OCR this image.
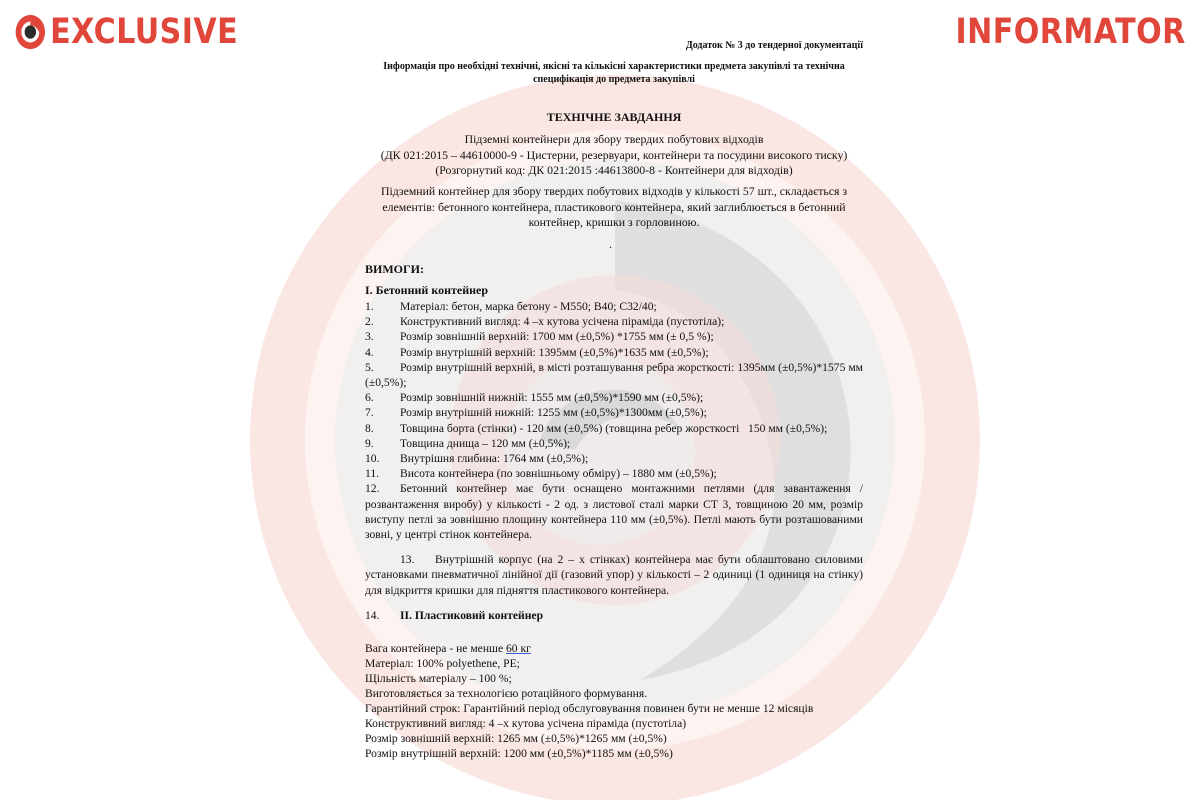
EXCLUSIVE	INFORMATOR
Додаток № 3 до тендерної документації
Інформація про необхідні технічні, якісні та кількісні характеристики предмета закупівлі та технічна
специфікація до предмета закупівлі
ТЕХНІЧНЕ ЗАВДАННЯ
Підземні контейнери для збору твердих побутових відходів
(ДК 021:2015 – 44610000-9 - Цистерни, резервуари, контейнери та посудини високого тиску)
(Розгорнутий код: ДК 021:2015 :44613800-8 - Контейнери для відходів)
Підземний контейнер для збору твердих побутових відходів у кількості 57 шт., складається з
елементів: бетонного контейнера, пластикового контейнера, який заглиблюється в бетонний
контейнер, кришки з горловиною.
.
ВИМОГИ:
I. Бетонний контейнер
1.	Матеріал: бетон, марка бетону - М550; В40; С32/40;
2.	Конструктивний вигляд: 4 –х кутова усічена піраміда (пустотіла);
3.	Розмір зовнішній верхній: 1700 мм (±0,5%) *1755 мм (± 0,5 %);
4.	Розмір внутрішній верхній: 1395мм (±0,5%)*1635 мм (±0,5%);
5. Розмір внутрішній верхній, в місті розташування ребра жорсткості: 1395мм (±0,5%)*1575 мм (±0,5%);
6.	Розмір зовнішній нижній: 1555 мм (±0,5%)*1590 мм (±0,5%);
7.	Розмір внутрішній нижній: 1255 мм (±0,5%)*1300мм (±0,5%);
8.	Товщина борта (стінки) - 120 мм (±0,5%) (товщина ребер жорсткості   150 мм (±0,5%);
9.	Товщина днища – 120 мм (±0,5%);
10.	Внутрішня глибина: 1764 мм (±0,5%);
11.	Висота контейнера (по зовнішньому обміру) – 1880 мм (±0,5%);
12. Бетонний контейнер має бути оснащено монтажними петлями (для завантаження /розвантаження виробу) у кількості - 2 од. з листової сталі марки СТ 3, товщиною 20 мм, розмір виступу петлі за зовнішню площину контейнера 110 мм (±0,5%). Петлі мають бути розташованими зовні, у центрі стінок контейнера.
13. Внутрішній корпус (на 2 – х стінках) контейнера має бути облаштовано силовими установками пневматичної лінійної дії (газовий упор) у кількості – 2 одиниці (1 одиниця на стінку) для відкриття кришки для підняття пластикового контейнера.
14.	II. Пластиковий контейнер
Вага контейнера - не менше 60 кг
Матеріал: 100% polyethene, PE;
Щільність матеріалу – 100 %;
Виготовляється за технологією ротаційного формування.
Гарантійний строк: Гарантійний період обслуговування повинен бути не менше 12 місяців
Конструктивний вигляд: 4 –х кутова усічена піраміда (пустотіла)
Розмір зовнішній верхній: 1265 мм (±0,5%)*1265 мм (±0,5%)
Розмір внутрішній верхній: 1200 мм (±0,5%)*1185 мм (±0,5%)
